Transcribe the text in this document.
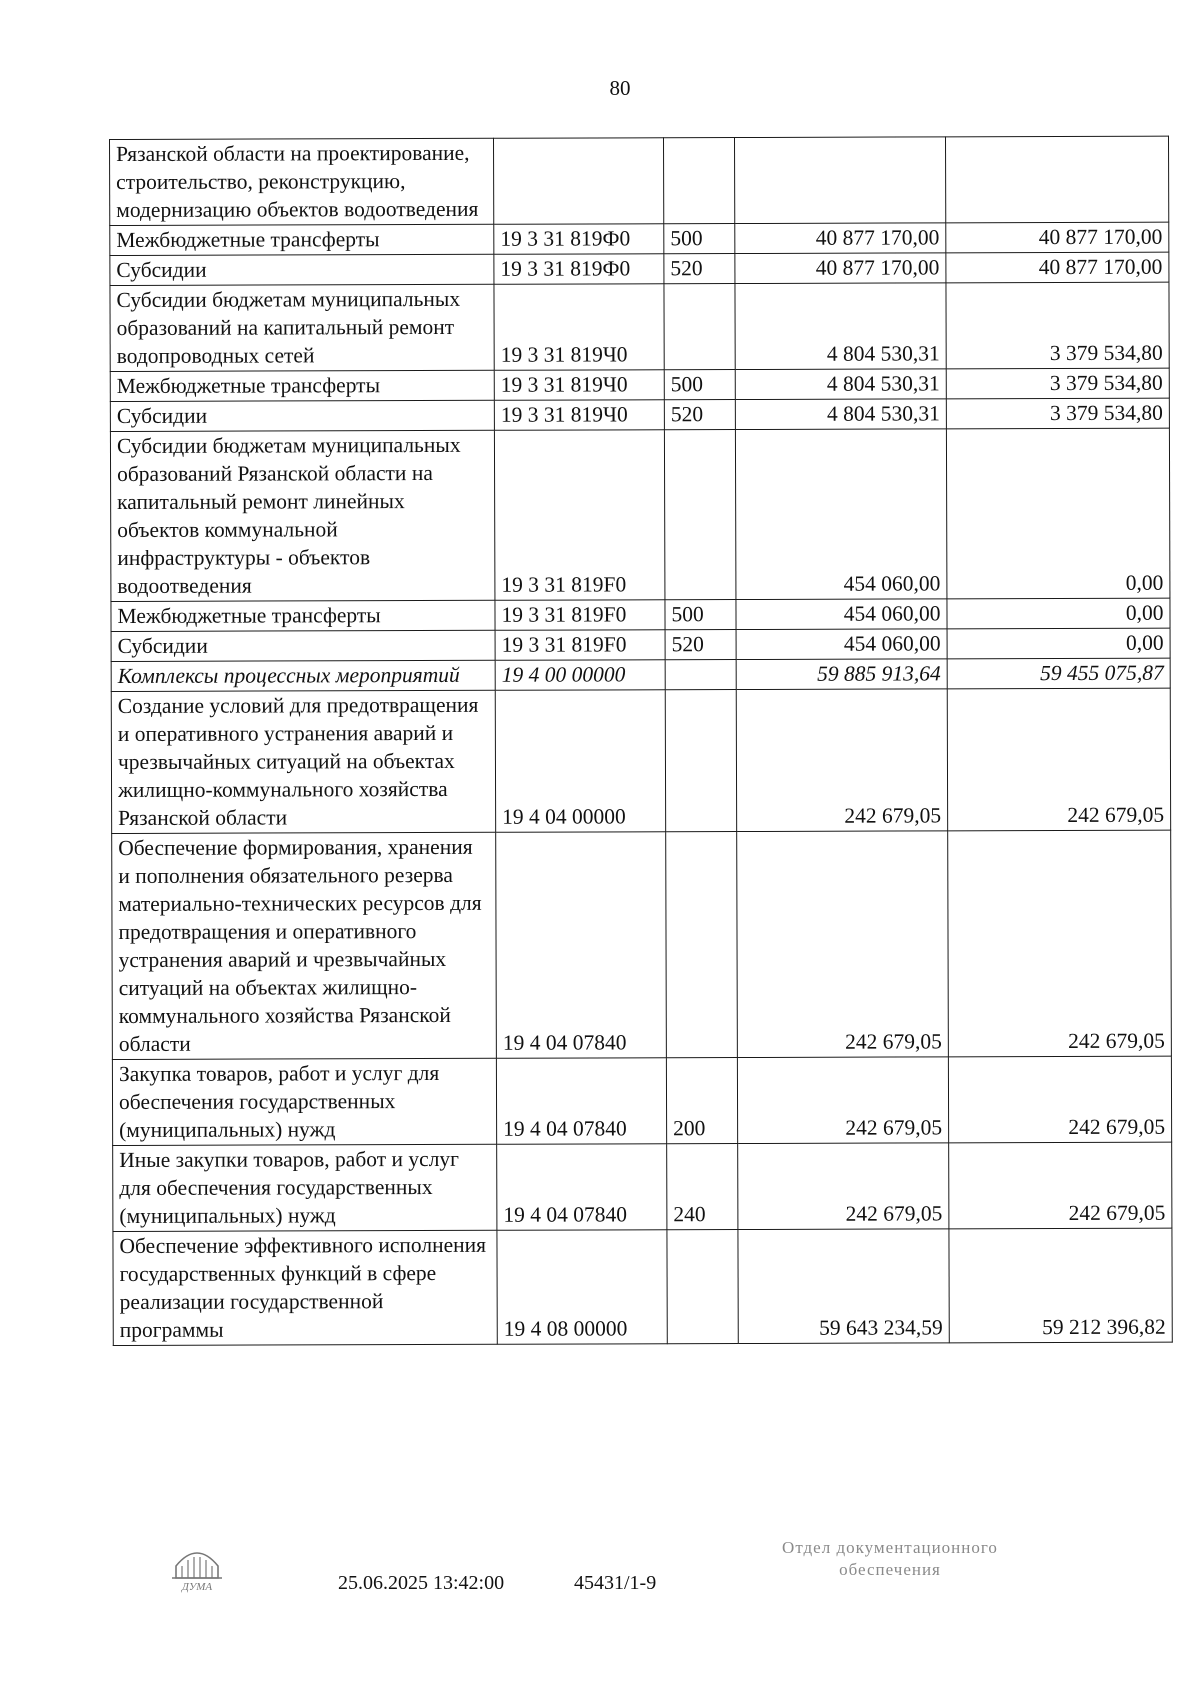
80
Рязанской области на проектирование, строительство, реконструкцию, модернизацию объектов водоотведения				
Межбюджетные трансферты	19 3 31 819Ф0	500	40 877 170,00	40 877 170,00
Субсидии	19 3 31 819Ф0	520	40 877 170,00	40 877 170,00
Субсидии бюджетам муниципальных образований на капитальный ремонт водопроводных сетей	19 3 31 819Ч0		4 804 530,31	3 379 534,80
Межбюджетные трансферты	19 3 31 819Ч0	500	4 804 530,31	3 379 534,80
Субсидии	19 3 31 819Ч0	520	4 804 530,31	3 379 534,80
Субсидии бюджетам муниципальных образований Рязанской области на капитальный ремонт линейных объектов коммунальной инфраструктуры - объектов водоотведения	19 3 31 819F0		454 060,00	0,00
Межбюджетные трансферты	19 3 31 819F0	500	454 060,00	0,00
Субсидии	19 3 31 819F0	520	454 060,00	0,00
Комплексы процессных мероприятий	19 4 00 00000		59 885 913,64	59 455 075,87
Создание условий для предотвращения и оперативного устранения аварий и чрезвычайных ситуаций на объектах жилищно-коммунального хозяйства Рязанской области	19 4 04 00000		242 679,05	242 679,05
Обеспечение формирования, хранения и пополнения обязательного резерва материально-технических ресурсов для предотвращения и оперативного устранения аварий и чрезвычайных ситуаций на объектах жилищно-коммунального хозяйства Рязанской области	19 4 04 07840		242 679,05	242 679,05
Закупка товаров, работ и услуг для обеспечения государственных (муниципальных) нужд	19 4 04 07840	200	242 679,05	242 679,05
Иные закупки товаров, работ и услуг для обеспечения государственных (муниципальных) нужд	19 4 04 07840	240	242 679,05	242 679,05
Обеспечение эффективного исполнения государственных функций в сфере реализации государственной программы	19 4 08 00000		59 643 234,59	59 212 396,82
ДУМА	25.06.2025 13:42:00	45431/1-9
Отдел документационного
обеспечения
